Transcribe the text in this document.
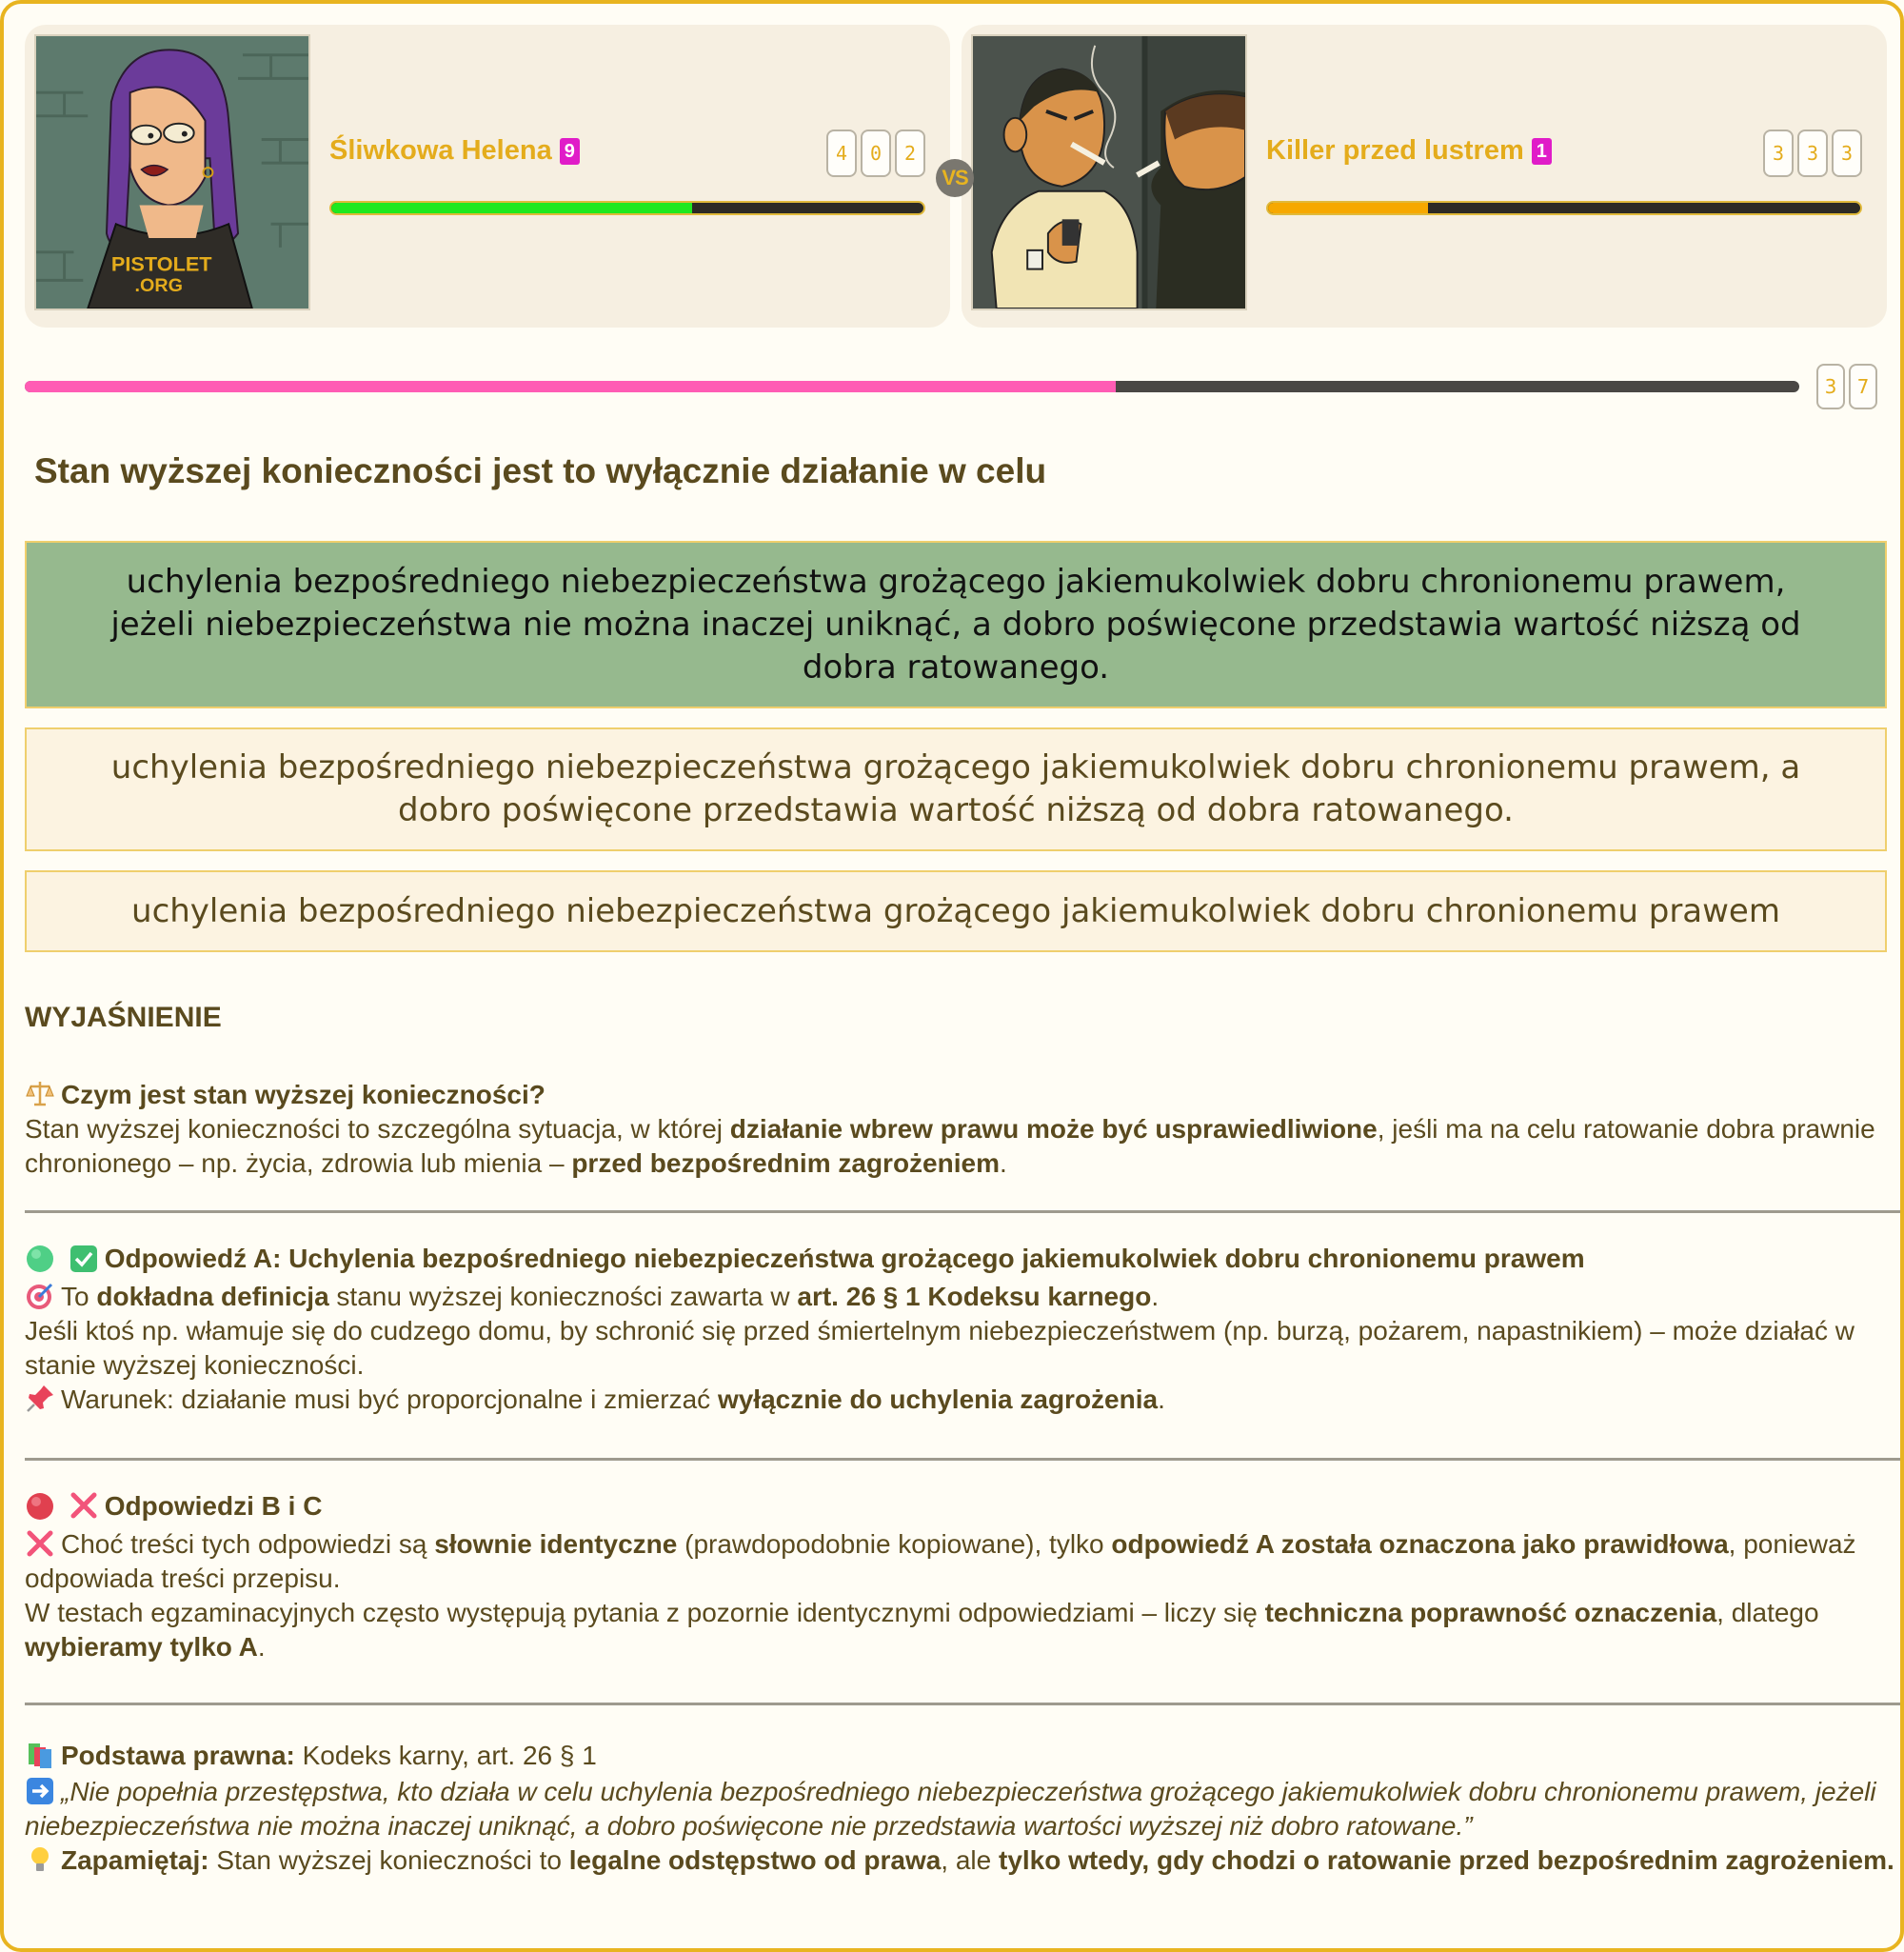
PISTOLET
.ORG
Śliwkowa Helena 9	4	0	2
VS
Killer przed lustrem 1	3	3	3
3	7
Stan wyższej konieczności jest to wyłącznie działanie w celu
uchylenia bezpośredniego niebezpieczeństwa grożącego jakiemukolwiek dobru chronionemu prawem, jeżeli niebezpieczeństwa nie można inaczej uniknąć, a dobro poświęcone przedstawia wartość niższą od dobra ratowanego.
uchylenia bezpośredniego niebezpieczeństwa grożącego jakiemukolwiek dobru chronionemu prawem, a dobro poświęcone przedstawia wartość niższą od dobra ratowanego.
uchylenia bezpośredniego niebezpieczeństwa grożącego jakiemukolwiek dobru chronionemu prawem
WYJAŚNIENIE
Czym jest stan wyższej konieczności?
Stan wyższej konieczności to szczególna sytuacja, w której działanie wbrew prawu może być usprawiedliwione, jeśli ma na celu ratowanie dobra prawnie chronionego – np. życia, zdrowia lub mienia – przed bezpośrednim zagrożeniem.

Odpowiedź A: Uchylenia bezpośredniego niebezpieczeństwa grożącego jakiemukolwiek dobru chronionemu prawem
To dokładna definicja stanu wyższej konieczności zawarta w art. 26 § 1 Kodeksu karnego.
Jeśli ktoś np. włamuje się do cudzego domu, by schronić się przed śmiertelnym niebezpieczeństwem (np. burzą, pożarem, napastnikiem) – może działać w stanie wyższej konieczności.
Warunek: działanie musi być proporcjonalne i zmierzać wyłącznie do uchylenia zagrożenia.

Odpowiedzi B i C
Choć treści tych odpowiedzi są słownie identyczne (prawdopodobnie kopiowane), tylko odpowiedź A została oznaczona jako prawidłowa, ponieważ odpowiada treści przepisu.
W testach egzaminacyjnych często występują pytania z pozornie identycznymi odpowiedziami – liczy się techniczna poprawność oznaczenia, dlatego wybieramy tylko A.
Podstawa prawna: Kodeks karny, art. 26 § 1
„Nie popełnia przestępstwa, kto działa w celu uchylenia bezpośredniego niebezpieczeństwa grożącego jakiemukolwiek dobru chronionemu prawem, jeżeli niebezpieczeństwa nie można inaczej uniknąć, a dobro poświęcone nie przedstawia wartości wyższej niż dobro ratowane.”
Zapamiętaj: Stan wyższej konieczności to legalne odstępstwo od prawa, ale tylko wtedy, gdy chodzi o ratowanie przed bezpośrednim zagrożeniem.
